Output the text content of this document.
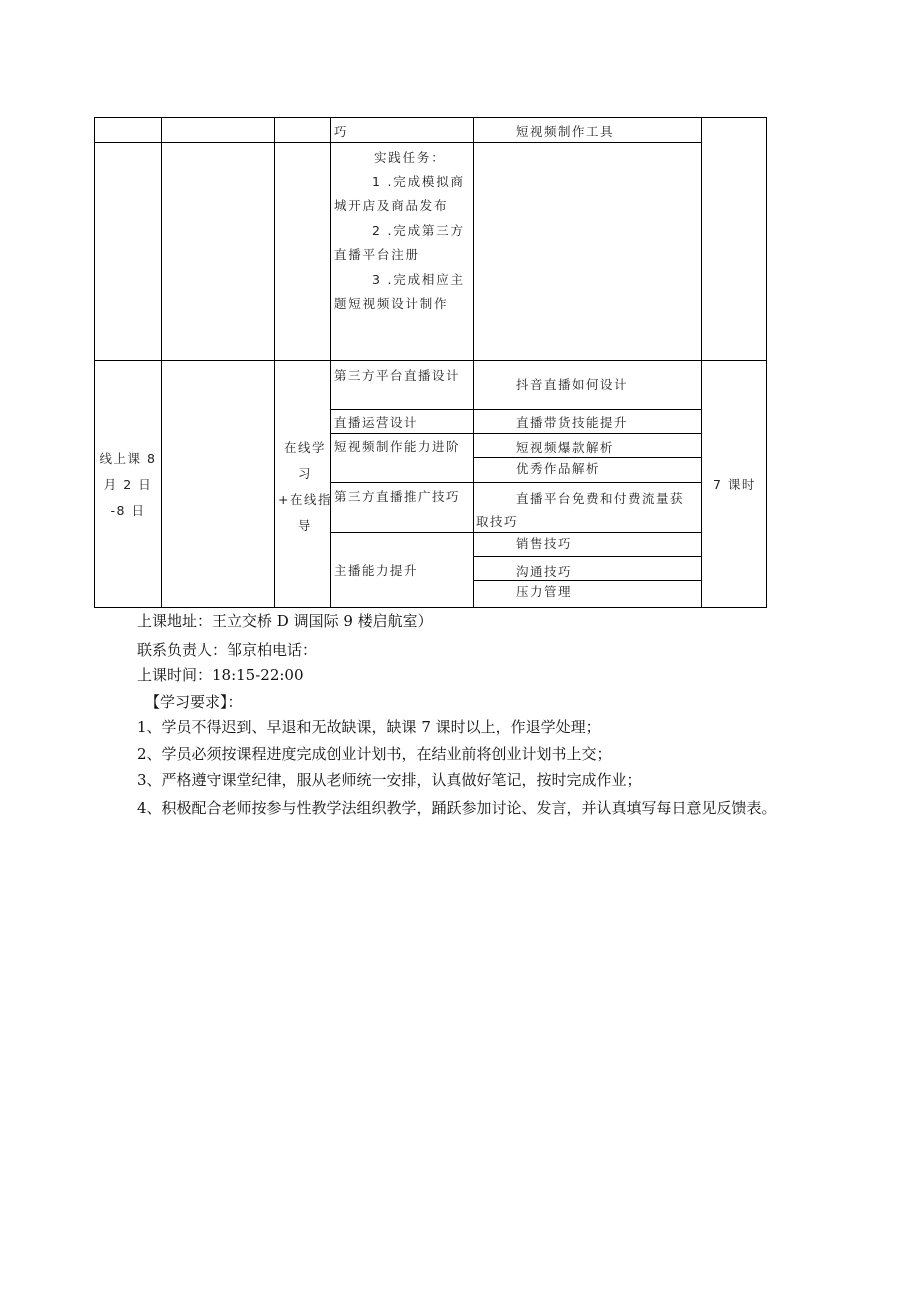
巧	短视频制作工具
实践任务：
1 .完成模拟商
城开店及商品发布
2 .完成第三方
直播平台注册
3 .完成相应主
题短视频设计制作
线上课 8
月 2 日
-8 日
在线学
习
+在线指
导
7 课时
第三方平台直播设计
直播运营设计
短视频制作能力进阶
第三方直播推广技巧
主播能力提升
抖音直播如何设计
直播带货技能提升
短视频爆款解析
优秀作品解析
直播平台免费和付费流量获
取技巧
销售技巧
沟通技巧
压力管理
上课地址：王立交桥 D 调国际 9 楼启航室）
联系负责人：邹京柏电话：
上课时间：18:15-22:00
【学习要求】：
1、学员不得迟到、早退和无故缺课，缺课 7 课时以上，作退学处理；
2、学员必须按课程进度完成创业计划书，在结业前将创业计划书上交；
3、严格遵守课堂纪律，服从老师统一安排，认真做好笔记，按时完成作业；
4、积极配合老师按参与性教学法组织教学，踊跃参加讨论、发言，并认真填写每日意见反馈表。
